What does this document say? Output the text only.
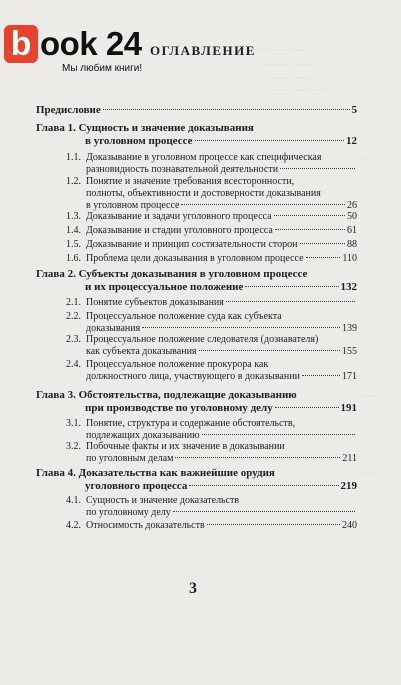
·· ··· ········ ····
···· ·········· ·······
········· ······
········· ······ ·····
· ··
···
· ··
·····
·· ··
b ook 24
Мы любим книги!
ОГЛАВЛЕНИЕ
Предисловие	5
Глава 1. Сущность и значение доказывания
в уголовном процессе	12
1.1. Доказывание в уголовном процессе как специфическая
разновидность познавательной деятельности
1.2. Понятие и значение требования всесторонности,
полноты, объективности и достоверности доказывания
в уголовном процессе	26
1.3. Доказывание и задачи уголовного процесса	50
1.4. Доказывание и стадии уголовного процесса	61
1.5. Доказывание и принцип состязательности сторон	88
1.6. Проблема цели доказывания в уголовном процессе	110
Глава 2. Субъекты доказывания в уголовном процессе
и их процессуальное положение	132
2.1. Понятие субъектов доказывания
2.2. Процессуальное положение суда как субъекта
доказывания	139
2.3. Процессуальное положение следователя (дознавателя)
как субъекта доказывания	155
2.4. Процессуальное положение прокурора как
должностного лица, участвующего в доказывании	171
Глава 3. Обстоятельства, подлежащие доказыванию
при производстве по уголовному делу	191
3.1. Понятие, структура и содержание обстоятельств,
подлежащих доказыванию
3.2. Побочные факты и их значение в доказывании
по уголовным делам	211
Глава 4. Доказательства как важнейшие орудия
уголовного процесса	219
4.1. Сущность и значение доказательств
по уголовному делу
4.2. Относимость доказательств	240
3
